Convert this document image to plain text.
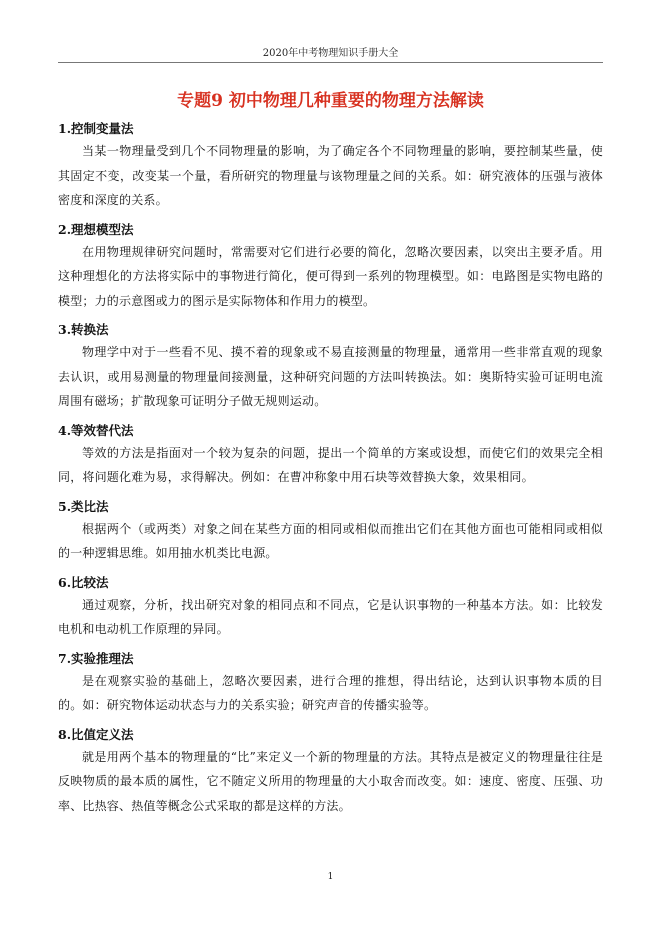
2020年中考物理知识手册大全
专题9 初中物理几种重要的物理方法解读
1.控制变量法

当某一物理量受到几个不同物理量的影响，为了确定各个不同物理量的影响，要控制某些量，使其固定不变，改变某一个量，看所研究的物理量与该物理量之间的关系。如：研究液体的压强与液体密度和深度的关系。

2.理想模型法

在用物理规律研究问题时，常需要对它们进行必要的简化，忽略次要因素，以突出主要矛盾。用这种理想化的方法将实际中的事物进行简化，便可得到一系列的物理模型。如：电路图是实物电路的模型；力的示意图或力的图示是实际物体和作用力的模型。

3.转换法

物理学中对于一些看不见、摸不着的现象或不易直接测量的物理量，通常用一些非常直观的现象去认识，或用易测量的物理量间接测量，这种研究问题的方法叫转换法。如：奥斯特实验可证明电流周围有磁场；扩散现象可证明分子做无规则运动。

4.等效替代法

等效的方法是指面对一个较为复杂的问题，提出一个简单的方案或设想，而使它们的效果完全相同，将问题化难为易，求得解决。例如：在曹冲称象中用石块等效替换大象，效果相同。

5.类比法

根据两个（或两类）对象之间在某些方面的相同或相似而推出它们在其他方面也可能相同或相似的一种逻辑思维。如用抽水机类比电源。

6.比较法

通过观察，分析，找出研究对象的相同点和不同点，它是认识事物的一种基本方法。如：比较发电机和电动机工作原理的异同。

7.实验推理法

是在观察实验的基础上，忽略次要因素，进行合理的推想，得出结论，达到认识事物本质的目的。如：研究物体运动状态与力的关系实验；研究声音的传播实验等。

8.比值定义法

就是用两个基本的物理量的“比”来定义一个新的物理量的方法。其特点是被定义的物理量往往是反映物质的最本质的属性，它不随定义所用的物理量的大小取舍而改变。如：速度、密度、压强、功率、比热容、热值等概念公式采取的都是这样的方法。

1
